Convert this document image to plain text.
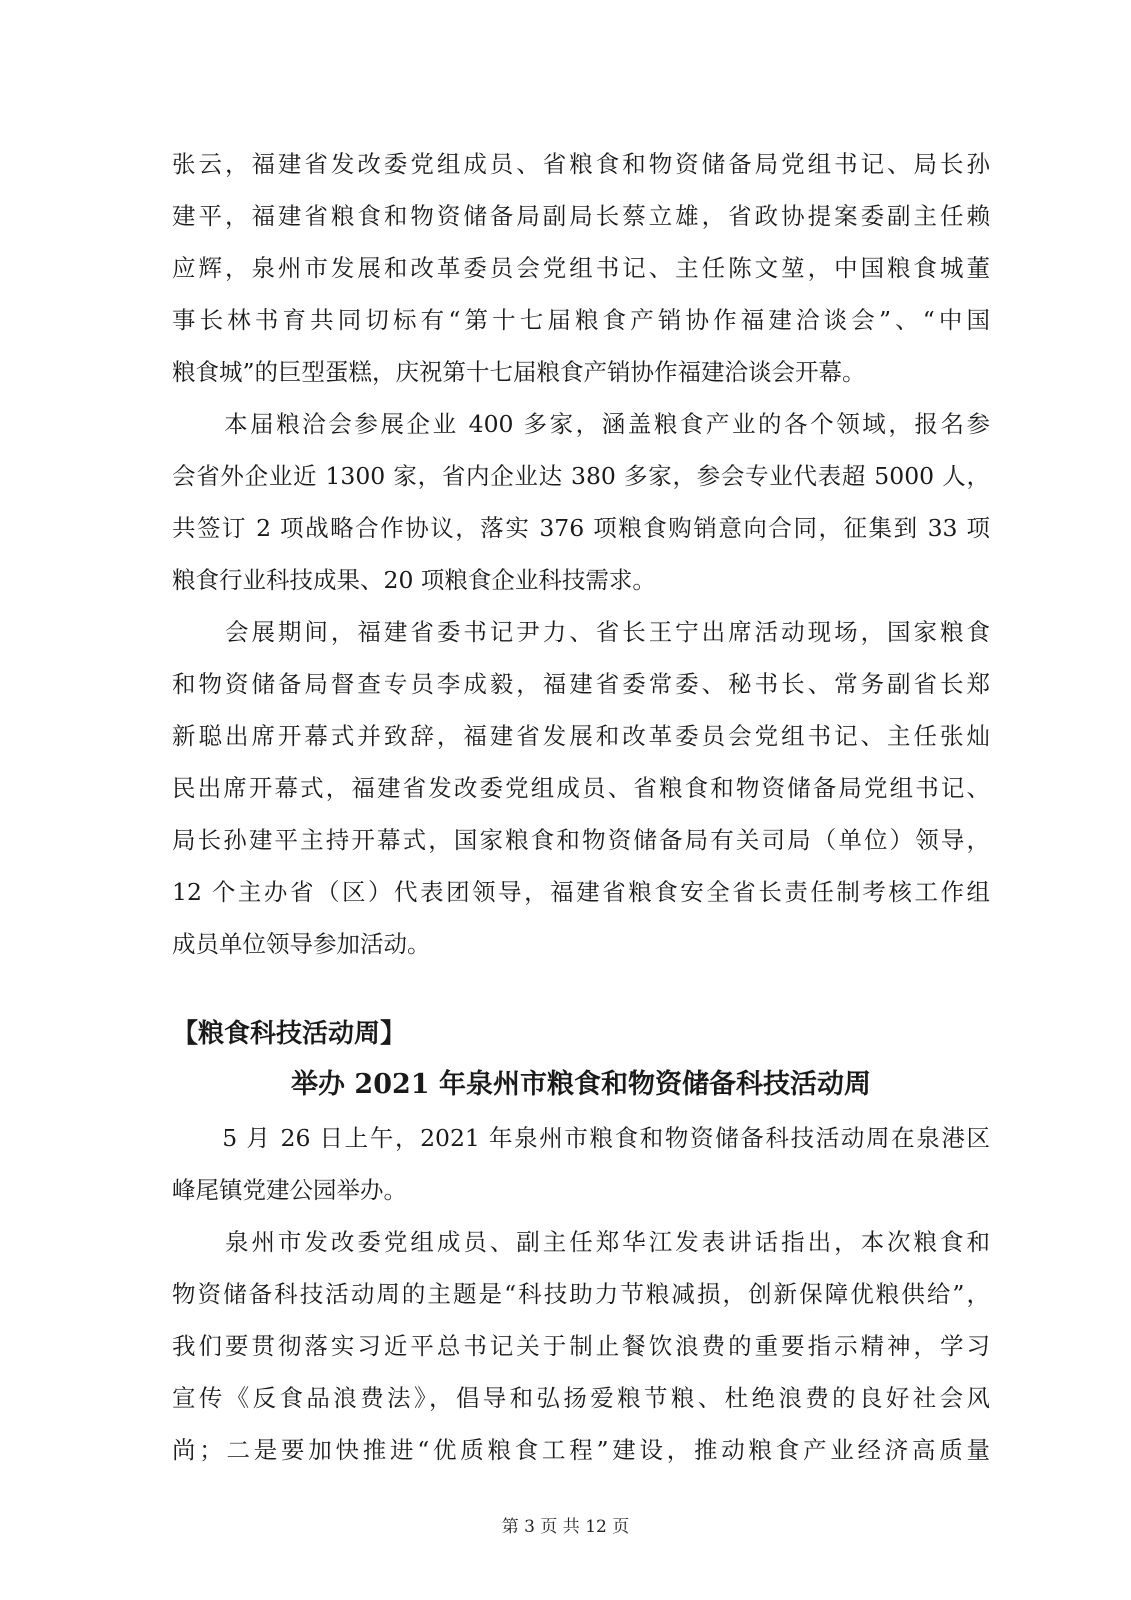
张云，福建省发改委党组成员、省粮食和物资储备局党组书记、局长孙
建平，福建省粮食和物资储备局副局长蔡立雄，省政协提案委副主任赖
应辉，泉州市发展和改革委员会党组书记、主任陈文堃，中国粮食城董
事长林书育共同切标有“第十七届粮食产销协作福建洽谈会”、“中国
粮食城”的巨型蛋糕，庆祝第十七届粮食产销协作福建洽谈会开幕。
　　本届粮洽会参展企业 400 多家，涵盖粮食产业的各个领域，报名参
会省外企业近 1300 家，省内企业达 380 多家，参会专业代表超 5000 人，
共签订 2 项战略合作协议，落实 376 项粮食购销意向合同，征集到 33 项
粮食行业科技成果、20 项粮食企业科技需求。
　　会展期间，福建省委书记尹力、省长王宁出席活动现场，国家粮食
和物资储备局督查专员李成毅，福建省委常委、秘书长、常务副省长郑
新聪出席开幕式并致辞，福建省发展和改革委员会党组书记、主任张灿
民出席开幕式，福建省发改委党组成员、省粮食和物资储备局党组书记、
局长孙建平主持开幕式，国家粮食和物资储备局有关司局（单位）领导，
12 个主办省（区）代表团领导，福建省粮食安全省长责任制考核工作组
成员单位领导参加活动。
【粮食科技活动周】
举办 2021 年泉州市粮食和物资储备科技活动周
　　5 月 26 日上午，2021 年泉州市粮食和物资储备科技活动周在泉港区
峰尾镇党建公园举办。
　　泉州市发改委党组成员、副主任郑华江发表讲话指出，本次粮食和
物资储备科技活动周的主题是“科技助力节粮减损，创新保障优粮供给”，
我们要贯彻落实习近平总书记关于制止餐饮浪费的重要指示精神，学习
宣传《反食品浪费法》，倡导和弘扬爱粮节粮、杜绝浪费的良好社会风
尚；二是要加快推进“优质粮食工程”建设，推动粮食产业经济高质量
第 3 页 共 12 页
